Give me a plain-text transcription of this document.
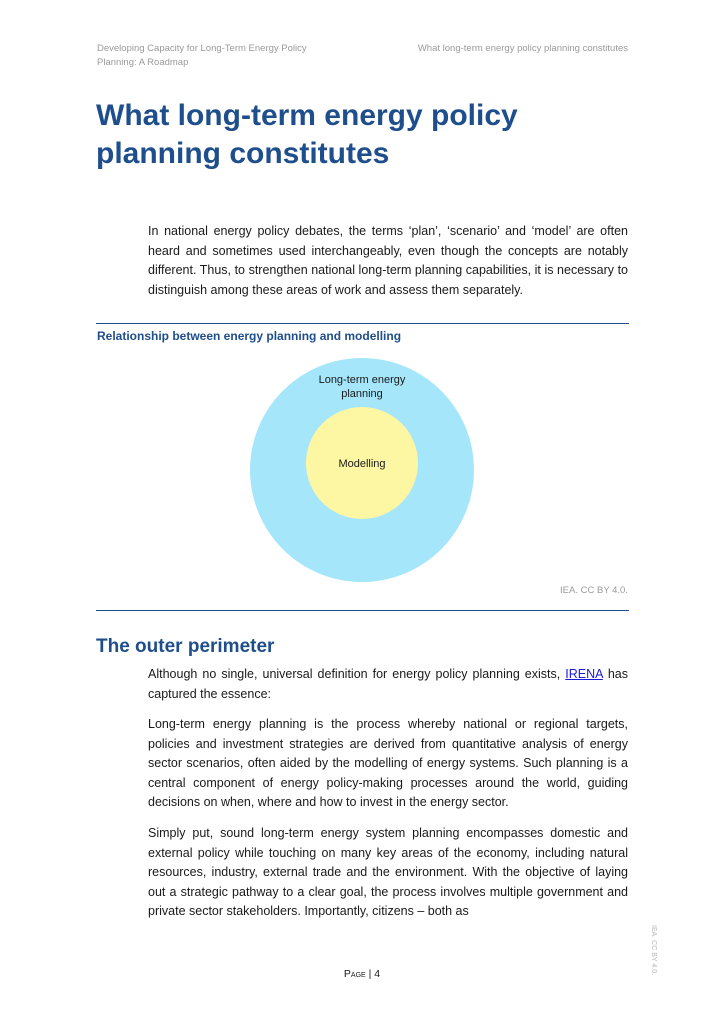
Developing Capacity for Long-Term Energy Policy Planning: A Roadmap
What long-term energy policy planning constitutes
What long-term energy policy planning constitutes

In national energy policy debates, the terms ‘plan’, ‘scenario’ and ‘model’ are often heard and sometimes used interchangeably, even though the concepts are notably different. Thus, to strengthen national long-term planning capabilities, it is necessary to distinguish among these areas of work and assess them separately.

Relationship between energy planning and modelling
Long-term energy
planning
Modelling
IEA. CC BY 4.0.
The outer perimeter

Although no single, universal definition for energy policy planning exists, IRENA has captured the essence:

Long-term energy planning is the process whereby national or regional targets, policies and investment strategies are derived from quantitative analysis of energy sector scenarios, often aided by the modelling of energy systems. Such planning is a central component of energy policy-making processes around the world, guiding decisions on when, where and how to invest in the energy sector.

Simply put, sound long-term energy system planning encompasses domestic and external policy while touching on many key areas of the economy, including natural resources, industry, external trade and the environment. With the objective of laying out a strategic pathway to a clear goal, the process involves multiple government and private sector stakeholders. Importantly, citizens – both as

Page | 4	IEA. CC BY 4.0.
